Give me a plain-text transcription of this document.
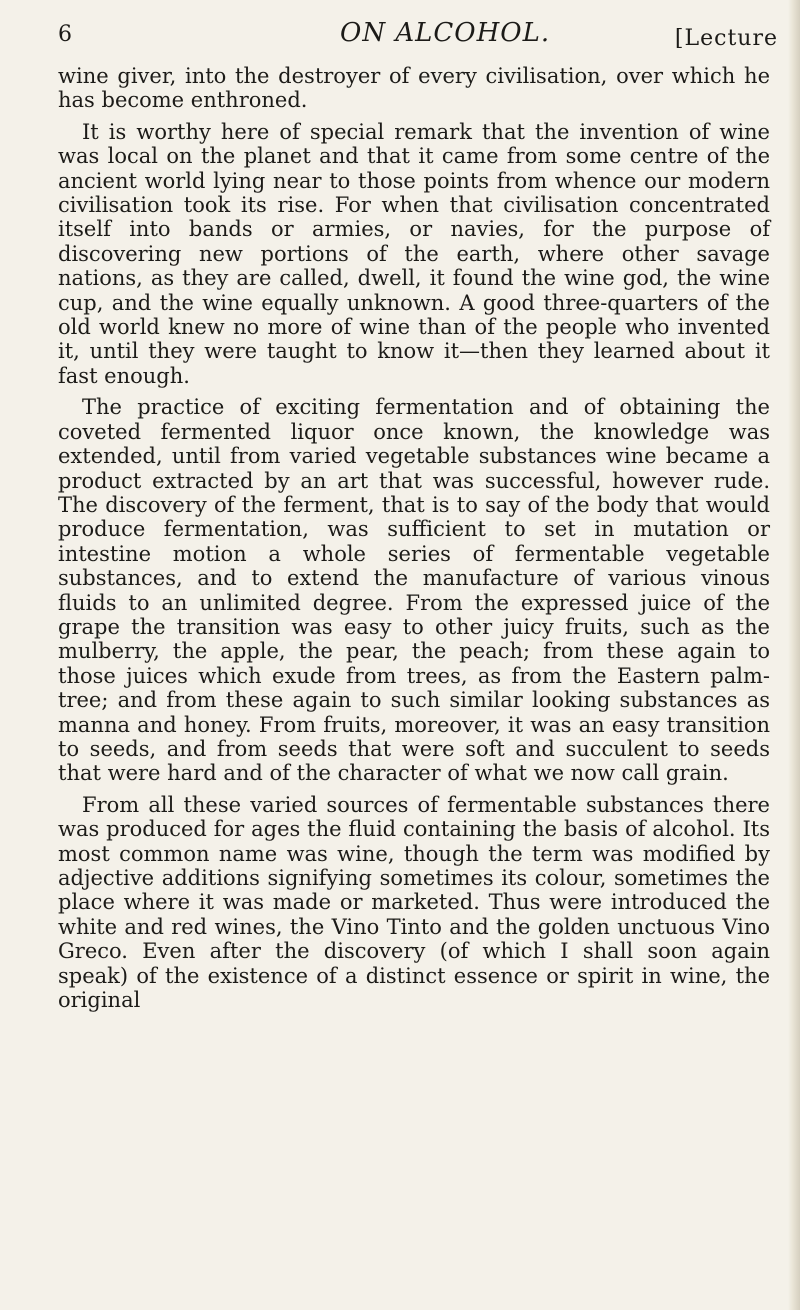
6	ON ALCOHOL.	[Lecture

wine giver, into the destroyer of every civilisation, over which he has become enthroned.

It is worthy here of special remark that the invention of wine was local on the planet and that it came from some centre of the ancient world lying near to those points from whence our modern civilisation took its rise. For when that civilisation concentrated itself into bands or armies, or navies, for the purpose of discovering new portions of the earth, where other savage nations, as they are called, dwell, it found the wine god, the wine cup, and the wine equally unknown. A good three-quarters of the old world knew no more of wine than of the people who invented it, until they were taught to know it—then they learned about it fast enough.

The practice of exciting fermentation and of obtaining the coveted fermented liquor once known, the knowledge was extended, until from varied vegetable substances wine became a product extracted by an art that was successful, however rude. The discovery of the ferment, that is to say of the body that would produce fermentation, was sufficient to set in mutation or intestine motion a whole series of fermentable vegetable substances, and to extend the manufacture of various vinous fluids to an unlimited degree. From the expressed juice of the grape the transition was easy to other juicy fruits, such as the mulberry, the apple, the pear, the peach; from these again to those juices which exude from trees, as from the Eastern palm-tree; and from these again to such similar looking substances as manna and honey. From fruits, moreover, it was an easy transition to seeds, and from seeds that were soft and succulent to seeds that were hard and of the character of what we now call grain.

From all these varied sources of fermentable substances there was produced for ages the fluid containing the basis of alcohol. Its most common name was wine, though the term was modified by adjective additions signifying sometimes its colour, sometimes the place where it was made or marketed. Thus were introduced the white and red wines, the Vino Tinto and the golden unctuous Vino Greco. Even after the discovery (of which I shall soon again speak) of the existence of a distinct essence or spirit in wine, the original
